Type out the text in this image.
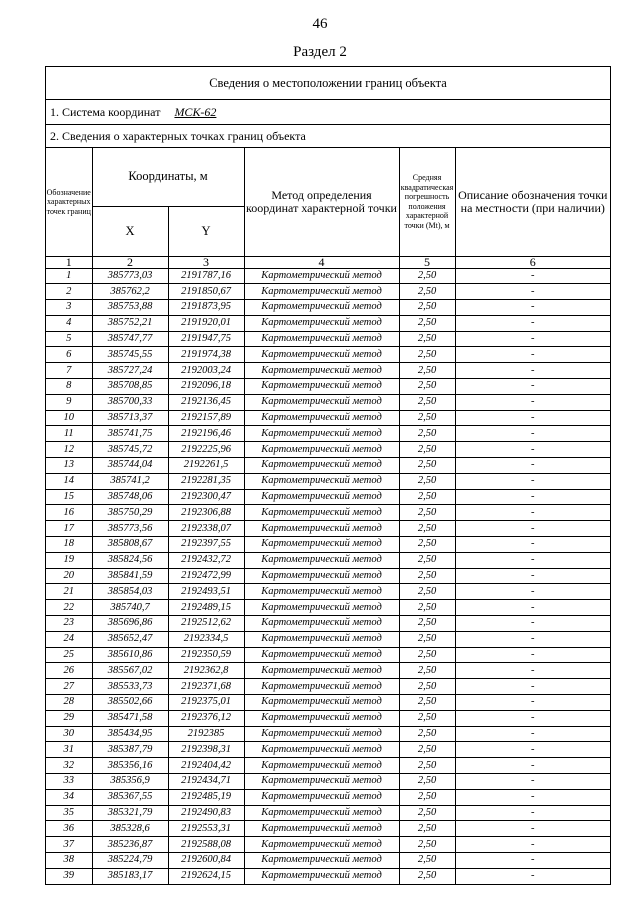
46
Раздел 2
Сведения о местоположении границ объекта
1. Система координат МСК-62
2. Сведения о характерных точках границ объекта
Обозначение характерных точек границ	Координаты, м		Метод определения координат характерной точки	Средняя квадратическая погрешность положения характерной точки (Mt), м	Описание обозначения точки на местности (при наличии)
	X	Y			
1	2	3	4	5	6
1	385773,03	2191787,16	Картометрический метод	2,50	-
2	385762,2	2191850,67	Картометрический метод	2,50	-
3	385753,88	2191873,95	Картометрический метод	2,50	-
4	385752,21	2191920,01	Картометрический метод	2,50	-
5	385747,77	2191947,75	Картометрический метод	2,50	-
6	385745,55	2191974,38	Картометрический метод	2,50	-
7	385727,24	2192003,24	Картометрический метод	2,50	-
8	385708,85	2192096,18	Картометрический метод	2,50	-
9	385700,33	2192136,45	Картометрический метод	2,50	-
10	385713,37	2192157,89	Картометрический метод	2,50	-
11	385741,75	2192196,46	Картометрический метод	2,50	-
12	385745,72	2192225,96	Картометрический метод	2,50	-
13	385744,04	2192261,5	Картометрический метод	2,50	-
14	385741,2	2192281,35	Картометрический метод	2,50	-
15	385748,06	2192300,47	Картометрический метод	2,50	-
16	385750,29	2192306,88	Картометрический метод	2,50	-
17	385773,56	2192338,07	Картометрический метод	2,50	-
18	385808,67	2192397,55	Картометрический метод	2,50	-
19	385824,56	2192432,72	Картометрический метод	2,50	-
20	385841,59	2192472,99	Картометрический метод	2,50	-
21	385854,03	2192493,51	Картометрический метод	2,50	-
22	385740,7	2192489,15	Картометрический метод	2,50	-
23	385696,86	2192512,62	Картометрический метод	2,50	-
24	385652,47	2192334,5	Картометрический метод	2,50	-
25	385610,86	2192350,59	Картометрический метод	2,50	-
26	385567,02	2192362,8	Картометрический метод	2,50	-
27	385533,73	2192371,68	Картометрический метод	2,50	-
28	385502,66	2192375,01	Картометрический метод	2,50	-
29	385471,58	2192376,12	Картометрический метод	2,50	-
30	385434,95	2192385	Картометрический метод	2,50	-
31	385387,79	2192398,31	Картометрический метод	2,50	-
32	385356,16	2192404,42	Картометрический метод	2,50	-
33	385356,9	2192434,71	Картометрический метод	2,50	-
34	385367,55	2192485,19	Картометрический метод	2,50	-
35	385321,79	2192490,83	Картометрический метод	2,50	-
36	385328,6	2192553,31	Картометрический метод	2,50	-
37	385236,87	2192588,08	Картометрический метод	2,50	-
38	385224,79	2192600,84	Картометрический метод	2,50	-
39	385183,17	2192624,15	Картометрический метод	2,50	-
